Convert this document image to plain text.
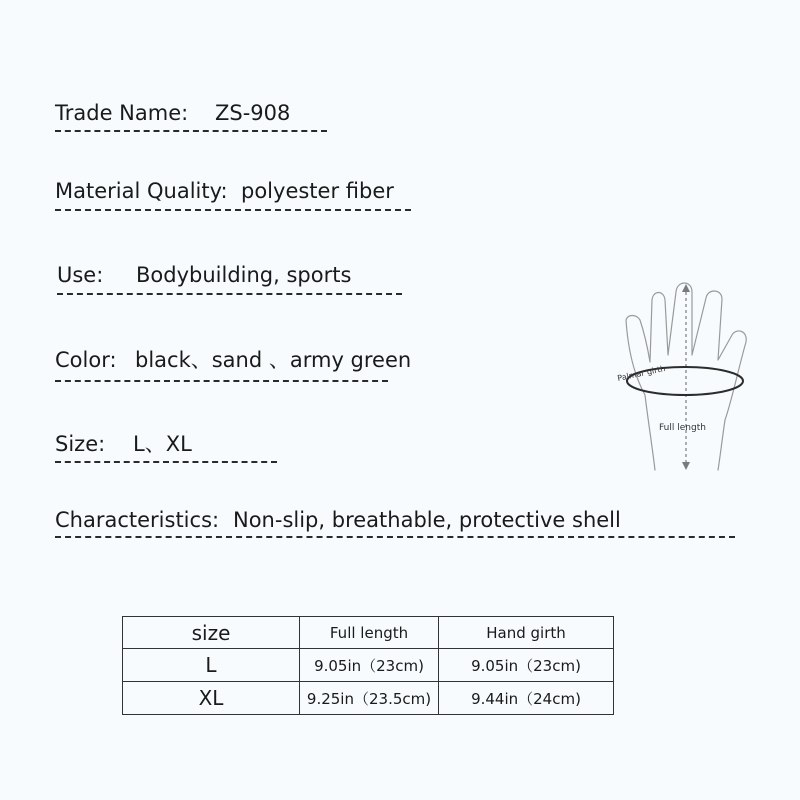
Trade Name: ZS-908
Material Quality: polyester fiber
Use: Bodybuilding, sports
Color: black、sand 、army green
Size: L、XL
Characteristics: Non-slip, breathable, protective shell
Palmar girth
Full length
size	Full length	Hand girth
L	9.05in（23cm)	9.05in（23cm)
XL	9.25in（23.5cm)	9.44in（24cm)
